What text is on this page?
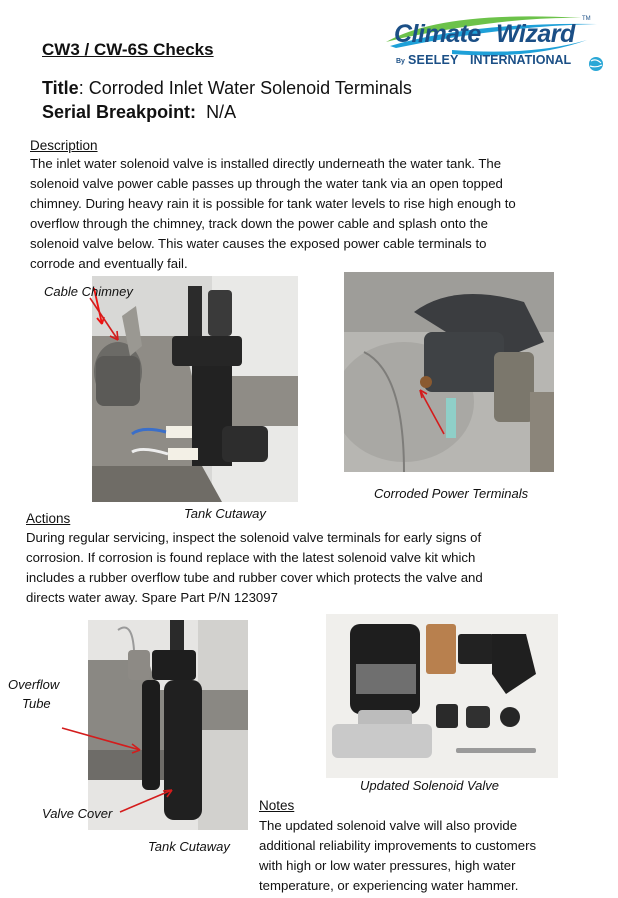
CW3 / CW-6S Checks
Title: Corroded Inlet Water Solenoid Terminals
Serial Breakpoint: N/A
Climate Wizard
TM
By SEELEY INTERNATIONAL
Description
The inlet water solenoid valve is installed directly underneath the water tank. The
solenoid valve power cable passes up through the water tank via an open topped
chimney. During heavy rain it is possible for tank water levels to rise high enough to
overflow through the chimney, track down the power cable and splash onto the
solenoid valve below. This water causes the exposed power cable terminals to
corrode and eventually fail.
Cable Chimney
Tank Cutaway
Corroded Power Terminals
Actions
During regular servicing, inspect the solenoid valve terminals for early signs of
corrosion. If corrosion is found replace with the latest solenoid valve kit which
includes a rubber overflow tube and rubber cover which protects the valve and
directs water away. Spare Part P/N 123097
Overflow
Tube
Valve Cover
Tank Cutaway
Updated Solenoid Valve
Notes
The updated solenoid valve will also provide
additional reliability improvements to customers
with high or low water pressures, high water
temperature, or experiencing water hammer.
